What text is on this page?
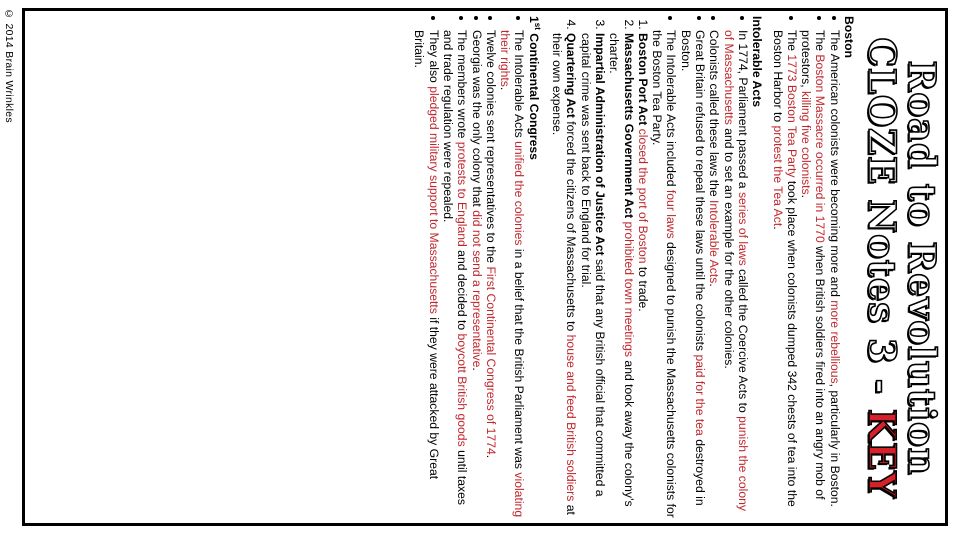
© 2014 Brain Wrinkles	Road to Revolution
CLOZE Notes 3 - KEY
Boston
• The American colonists were becoming more and more rebellious, particularly in Boston.
• The Boston Massacre occurred in 1770 when British soldiers fired into an angry mob of protestors, killing five colonists.
• The 1773 Boston Tea Party took place when colonists dumped 342 chests of tea into the Boston Harbor to protest the Tea Act.
Intolerable Acts
• In 1774, Parliament passed a series of laws called the Coercive Acts to punish the colony of Massachusetts and to set an example for the other colonies.
• Colonists called these laws the Intolerable Acts.
• Great Britain refused to repeal these laws until the colonists paid for the tea destroyed in Boston.
• The Intolerable Acts included four laws designed to punish the Massachusetts colonists for the Boston Tea Party.
1. Boston Port Act closed the port of Boston to trade.
2. Massachusetts Government Act prohibited town meetings and took away the colony’s charter.
3. Impartial Administration of Justice Act said that any British official that committed a capital crime was sent back to England for trial.
4. Quartering Act forced the citizens of Massachusetts to house and feed British soldiers at their own expense.
1st Continental Congress
• The Intolerable Acts unified the colonies in a belief that the British Parliament was violating their rights.
• Twelve colonies sent representatives to the First Continental Congress of 1774.
• Georgia was the only colony that did not send a representative.
• The members wrote protests to England and decided to boycott British goods until taxes and trade regulation were repealed.
• They also pledged military support to Massachusetts if they were attacked by Great Britain.
